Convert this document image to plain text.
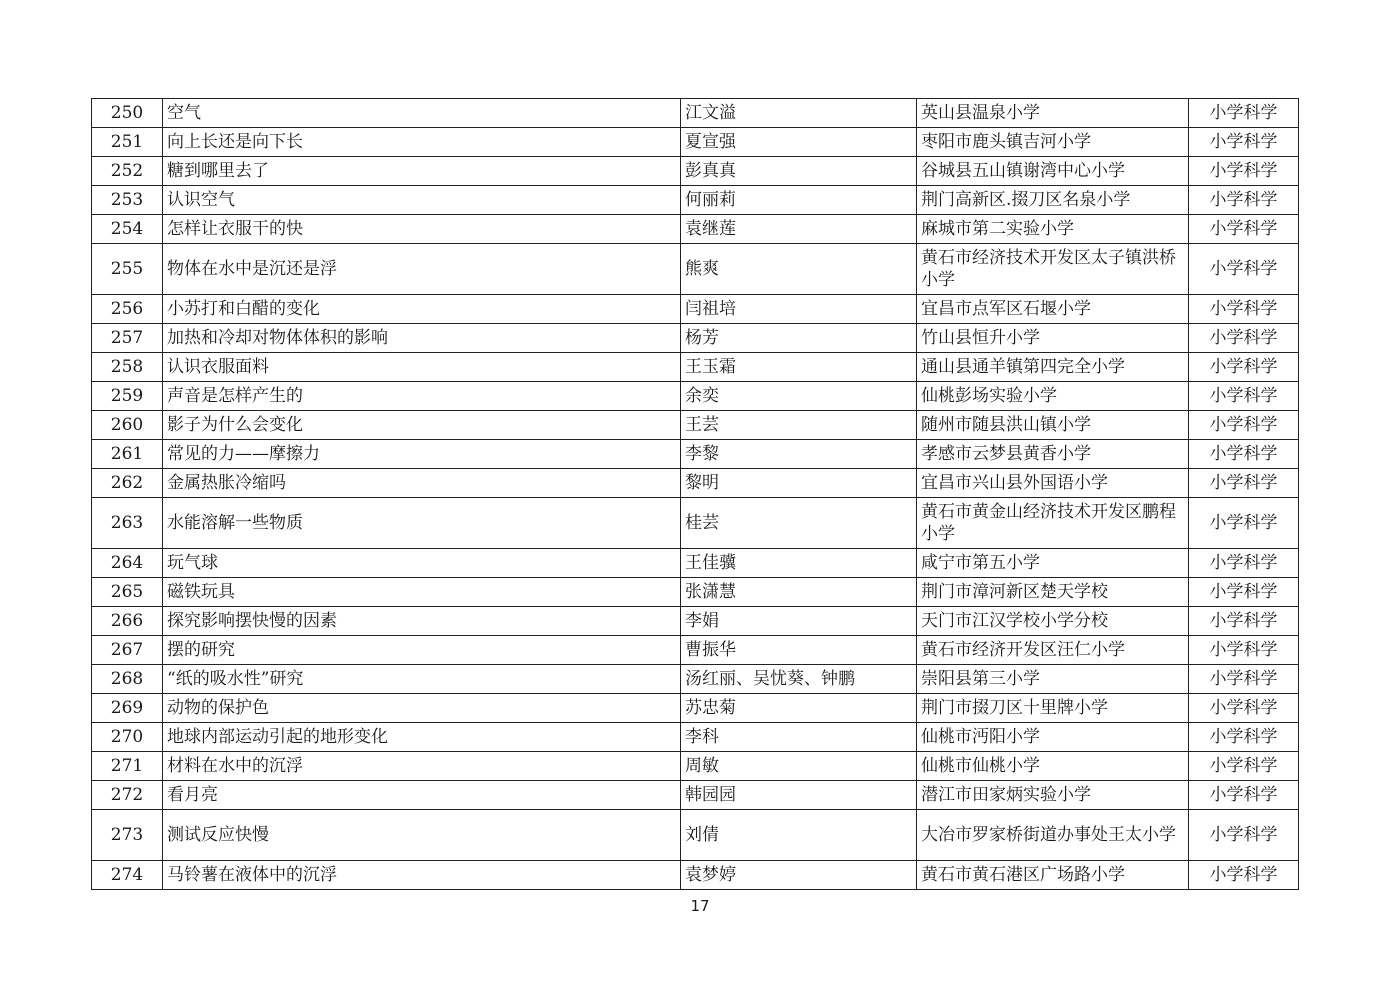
250	空气	江文溢	英山县温泉小学	小学科学
251	向上长还是向下长	夏宣强	枣阳市鹿头镇吉河小学	小学科学
252	糖到哪里去了	彭真真	谷城县五山镇谢湾中心小学	小学科学
253	认识空气	何丽莉	荆门高新区.掇刀区名泉小学	小学科学
254	怎样让衣服干的快	袁继莲	麻城市第二实验小学	小学科学
255	物体在水中是沉还是浮	熊爽	黄石市经济技术开发区太子镇洪桥小学	小学科学
256	小苏打和白醋的变化	闫祖培	宜昌市点军区石堰小学	小学科学
257	加热和冷却对物体体积的影响	杨芳	竹山县恒升小学	小学科学
258	认识衣服面料	王玉霜	通山县通羊镇第四完全小学	小学科学
259	声音是怎样产生的	余奕	仙桃彭场实验小学	小学科学
260	影子为什么会变化	王芸	随州市随县洪山镇小学	小学科学
261	常见的力——摩擦力	李黎	孝感市云梦县黄香小学	小学科学
262	金属热胀冷缩吗	黎明	宜昌市兴山县外国语小学	小学科学
263	水能溶解一些物质	桂芸	黄石市黄金山经济技术开发区鹏程小学	小学科学
264	玩气球	王佳骥	咸宁市第五小学	小学科学
265	磁铁玩具	张潇慧	荆门市漳河新区楚天学校	小学科学
266	探究影响摆快慢的因素	李娟	天门市江汉学校小学分校	小学科学
267	摆的研究	曹振华	黄石市经济开发区汪仁小学	小学科学
268	“纸的吸水性”研究	汤红丽、吴忧葵、钟鹏	崇阳县第三小学	小学科学
269	动物的保护色	苏忠菊	荆门市掇刀区十里牌小学	小学科学
270	地球内部运动引起的地形变化	李科	仙桃市沔阳小学	小学科学
271	材料在水中的沉浮	周敏	仙桃市仙桃小学	小学科学
272	看月亮	韩园园	潜江市田家炳实验小学	小学科学
273	测试反应快慢	刘倩	大冶市罗家桥街道办事处王太小学	小学科学
274	马铃薯在液体中的沉浮	袁梦婷	黄石市黄石港区广场路小学	小学科学
17
